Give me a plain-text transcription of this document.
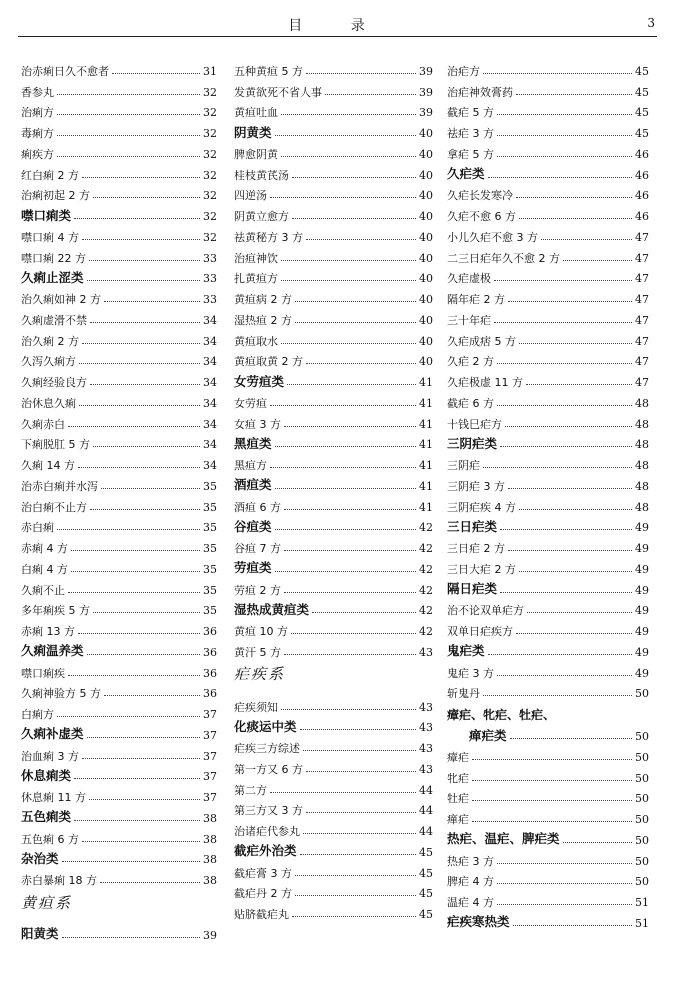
目 录	3
治赤痢日久不愈者	31
香参丸	32
治痢方	32
毒痢方	32
痢疾方	32
红白痢 2 方	32
治痢初起 2 方	32
噤口痢类	32
噤口痢 4 方	32
噤口痢 22 方	33
久痢止涩类	33
治久痢如神 2 方	33
久痢虚滑不禁	34
治久痢 2 方	34
久泻久痢方	34
久痢经验良方	34
治休息久痢	34
久痢赤白	34
下痢脱肛 5 方	34
久痢 14 方	34
治赤白痢并水泻	35
治白痢不止方	35
赤白痢	35
赤痢 4 方	35
白痢 4 方	35
久痢不止	35
多年痢疾 5 方	35
赤痢 13 方	36
久痢温养类	36
噤口痢疾	36
久痢神验方 5 方	36
白痢方	37
久痢补虚类	37
治血痢 3 方	37
休息痢类	37
休息痢 11 方	37
五色痢类	38
五色痢 6 方	38
杂治类	38
赤白暴痢 18 方	38
黄疸系
阳黄类	39
五种黄疸 5 方	39
发黄欲死不省人事	39
黄疸吐血	39
阴黄类	40
脾愈阴黄	40
桂枝黄芪汤	40
四逆汤	40
阴黄立愈方	40
祛黄秘方 3 方	40
治疸神饮	40
扎黄疸方	40
黄疸病 2 方	40
湿热疸 2 方	40
黄疸取水	40
黄疸取黄 2 方	40
女劳疸类	41
女劳疸	41
女疸 3 方	41
黑疸类	41
黑疸方	41
酒疸类	41
酒疸 6 方	41
谷疸类	42
谷疸 7 方	42
劳疸类	42
劳疸 2 方	42
湿热成黄疸类	42
黄疸 10 方	42
黄汗 5 方	43
疟疾系
疟疾须知	43
化痰运中类	43
疟疾三方综述	43
第一方又 6 方	43
第二方	44
第三方又 3 方	44
治诸疟代参丸	44
截疟外治类	45
截疟膏 3 方	45
截疟丹 2 方	45
贴脐截疟丸	45
治疟方	45
治疟神效膏药	45
截疟 5 方	45
祛疟 3 方	45
拿疟 5 方	46
久疟类	46
久疟长发寒冷	46
久疟不愈 6 方	46
小儿久疟不愈 3 方	47
二三日疟年久不愈 2 方	47
久疟虚极	47
隔年疟 2 方	47
三十年疟	47
久疟成痞 5 方	47
久疟 2 方	47
久疟极虚 11 方	47
截疟 6 方	48
十钱巳疟方	48
三阴疟类	48
三阴疟	48
三阴疟 3 方	48
三阴疟疾 4 方	48
三日疟类	49
三日疟 2 方	49
三日大疟 2 方	49
隔日疟类	49
治不论双单疟方	49
双单日疟疾方	49
鬼疟类	49
鬼疟 3 方	49
斩鬼丹	50
瘴疟、牝疟、牡疟、
瘅疟类	50
瘴疟	50
牝疟	50
牡疟	50
瘅疟	50
热疟、温疟、脾疟类	50
热疟 3 方	50
脾疟 4 方	50
温疟 4 方	51
疟疾寒热类	51
